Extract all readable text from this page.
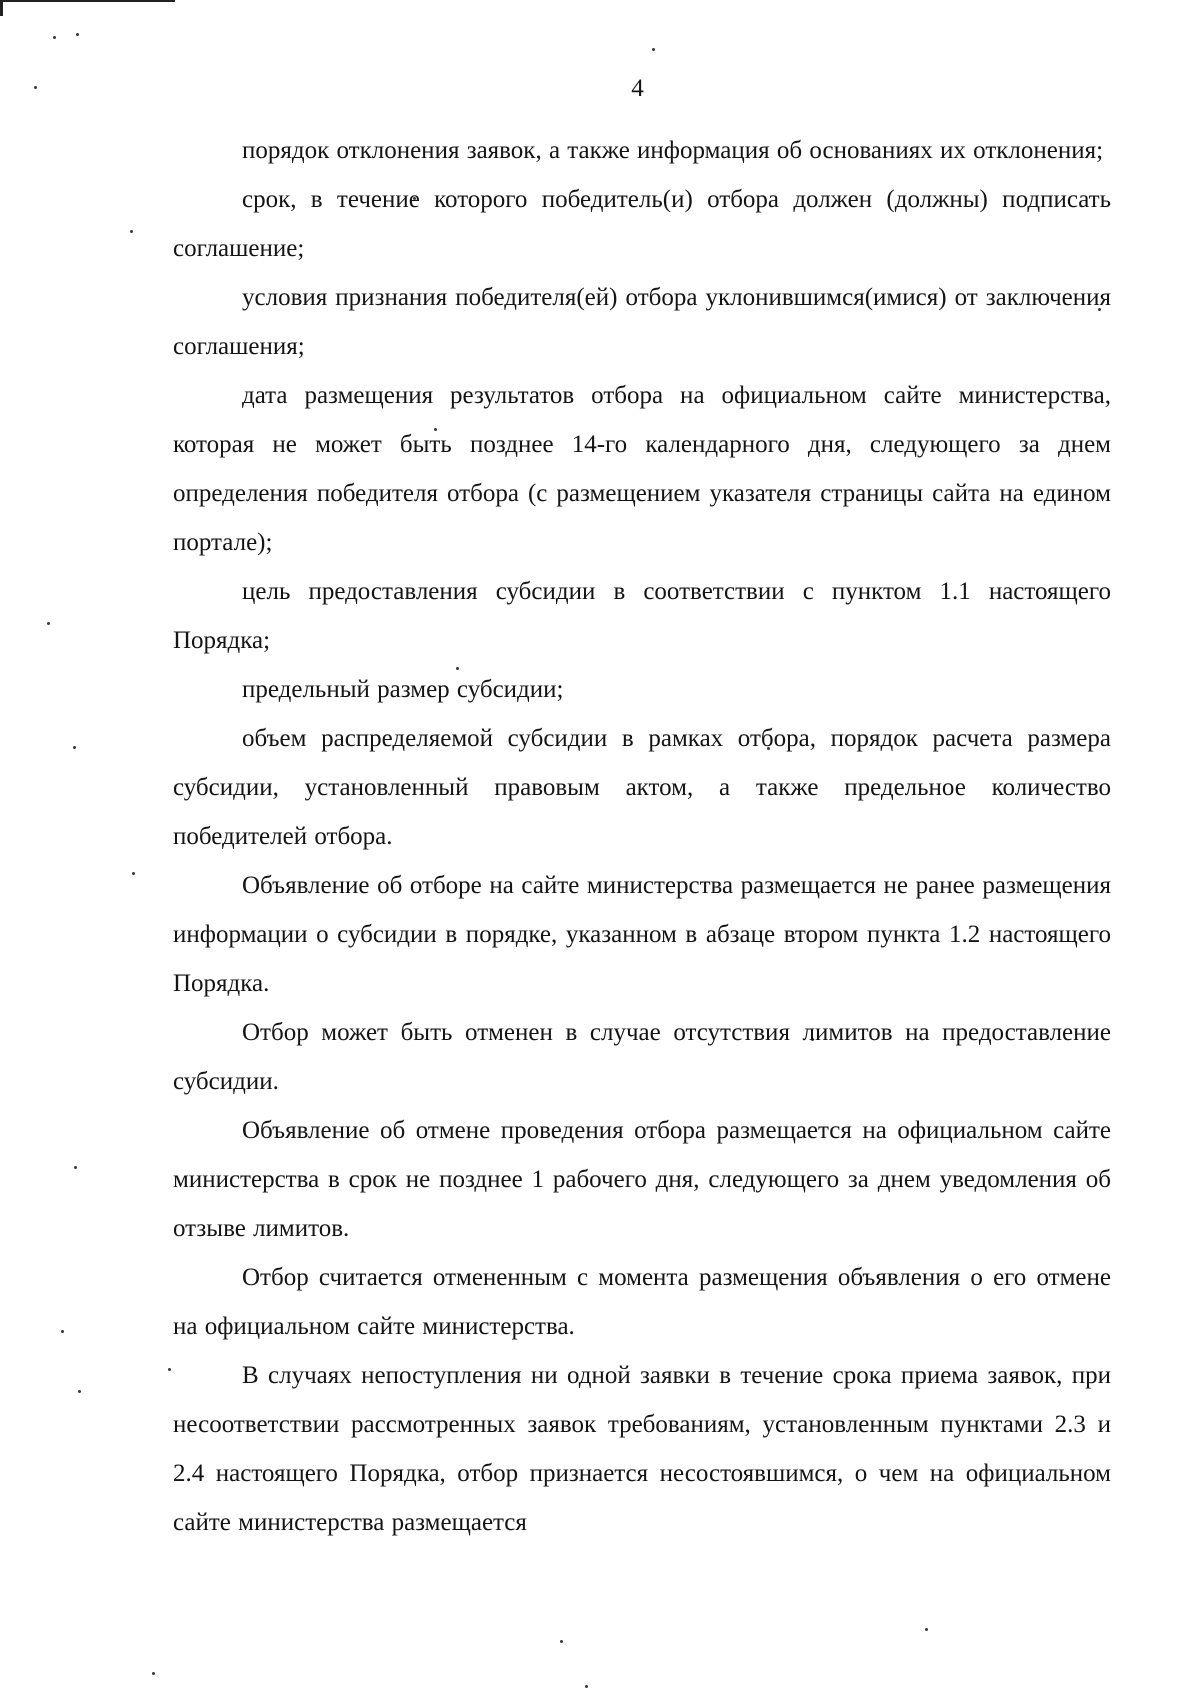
4

порядок отклонения заявок, а также информация об основаниях их отклонения;

срок, в течение которого победитель(и) отбора должен (должны) подписать соглашение;

условия признания победителя(ей) отбора уклонившимся(имися) от заключения соглашения;

дата размещения результатов отбора на официальном сайте министерства, которая не может быть позднее 14-го календарного дня, следующего за днем определения победителя отбора (с размещением указателя страницы сайта на едином портале);

цель предоставления субсидии в соответствии с пунктом 1.1 настоящего Порядка;

предельный размер субсидии;

объем распределяемой субсидии в рамках отбора, порядок расчета размера субсидии, установленный правовым актом, а также предельное количество победителей отбора.

Объявление об отборе на сайте министерства размещается не ранее размещения информации о субсидии в порядке, указанном в абзаце втором пункта 1.2 настоящего Порядка.

Отбор может быть отменен в случае отсутствия лимитов на предоставление субсидии.

Объявление об отмене проведения отбора размещается на официальном сайте министерства в срок не позднее 1 рабочего дня, следующего за днем уведомления об отзыве лимитов.

Отбор считается отмененным с момента размещения объявления о его отмене на официальном сайте министерства.

В случаях непоступления ни одной заявки в течение срока приема заявок, при несоответствии рассмотренных заявок требованиям, установленным пунктами 2.3 и 2.4 настоящего Порядка, отбор признается несостоявшимся, о чем на официальном сайте министерства размещается
